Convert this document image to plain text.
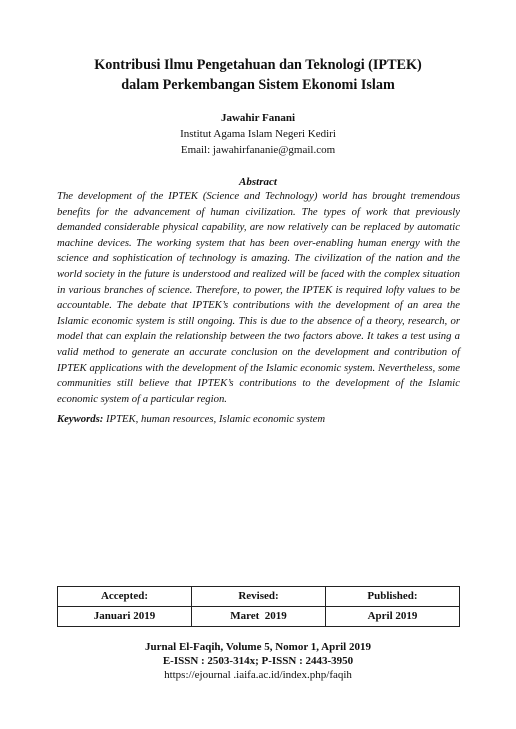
Kontribusi Ilmu Pengetahuan dan Teknologi (IPTEK)
dalam Perkembangan Sistem Ekonomi Islam
Jawahir Fanani
Institut Agama Islam Negeri Kediri
Email: jawahirfananie@gmail.com
Abstract
The development of the IPTEK (Science and Technology) world has brought tremendous benefits for the advancement of human civilization. The types of work that previously demanded considerable physical capability, are now relatively can be replaced by automatic machine devices. The working system that has been over-enabling human energy with the science and sophistication of technology is amazing. The civilization of the nation and the world society in the future is understood and realized will be faced with the complex situation in various branches of science. Therefore, to power, the IPTEK is required lofty values to be accountable. The debate that IPTEK’s contributions with the development of an area the Islamic economic system is still ongoing. This is due to the absence of a theory, research, or model that can explain the relationship between the two factors above. It takes a test using a valid method to generate an accurate conclusion on the development and contribution of IPTEK applications with the development of the Islamic economic system. Nevertheless, some communities still believe that IPTEK’s contributions to the development of the Islamic economic system of a particular region.
Keywords: IPTEK, human resources, Islamic economic system
Accepted:	Revised:	Published:
Januari 2019	Maret  2019	April 2019
Jurnal El-Faqih, Volume 5, Nomor 1, April 2019
E-ISSN : 2503-314x; P-ISSN : 2443-3950
https://ejournal .iaifa.ac.id/index.php/faqih
